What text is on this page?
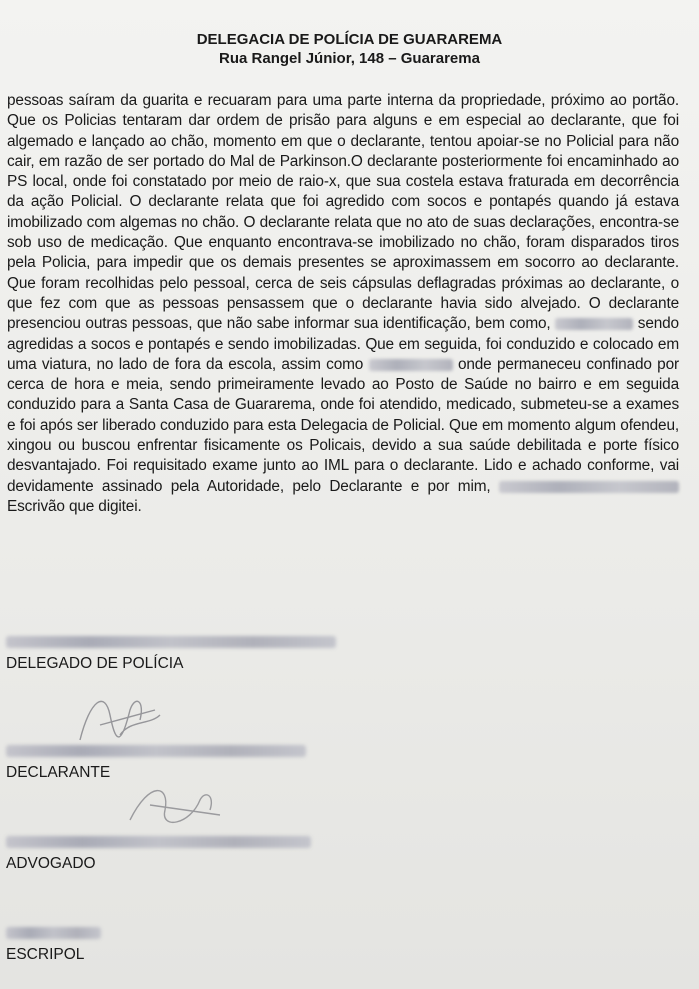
DELEGACIA DE POLÍCIA DE GUARAREMA
Rua Rangel Júnior, 148 – Guararema
pessoas saíram da guarita e recuaram para uma parte interna da propriedade, próximo ao portão. Que os Policias tentaram dar ordem de prisão para alguns e em especial ao declarante, que foi algemado e lançado ao chão, momento em que o declarante, tentou apoiar-se no Policial para não cair, em razão de ser portado do Mal de Parkinson.O declarante posteriormente foi encaminhado ao PS local, onde foi constatado por meio de raio-x, que sua costela estava fraturada em decorrência da ação Policial. O declarante relata que foi agredido com socos e pontapés quando já estava imobilizado com algemas no chão. O declarante relata que no ato de suas declarações, encontra-se sob uso de medicação. Que enquanto encontrava-se imobilizado no chão, foram disparados tiros pela Policia, para impedir que os demais presentes se aproximassem em socorro ao declarante. Que foram recolhidas pelo pessoal, cerca de seis cápsulas deflagradas próximas ao declarante, o que fez com que as pessoas pensassem que o declarante havia sido alvejado. O declarante presenciou outras pessoas, que não sabe informar sua identificação, bem como,	sendo agredidas a socos e pontapés e sendo imobilizadas. Que em seguida, foi conduzido e colocado em uma viatura, no lado de fora da escola, assim como	onde permaneceu confinado por cerca de hora e meia, sendo primeiramente levado ao Posto de Saúde no bairro e em seguida conduzido para a Santa Casa de Guararema, onde foi atendido, medicado, submeteu-se a exames e foi após ser liberado conduzido para esta Delegacia de Policial. Que em momento algum ofendeu, xingou ou buscou enfrentar fisicamente os Policais, devido a sua saúde debilitada e porte físico desvantajado. Foi requisitado exame junto ao IML para o declarante. Lido e achado conforme, vai devidamente assinado pela Autoridade, pelo Declarante e por mim,  Escrivão que digitei.
DELEGADO DE POLÍCIA
DECLARANTE
ADVOGADO
ESCRIPOL
